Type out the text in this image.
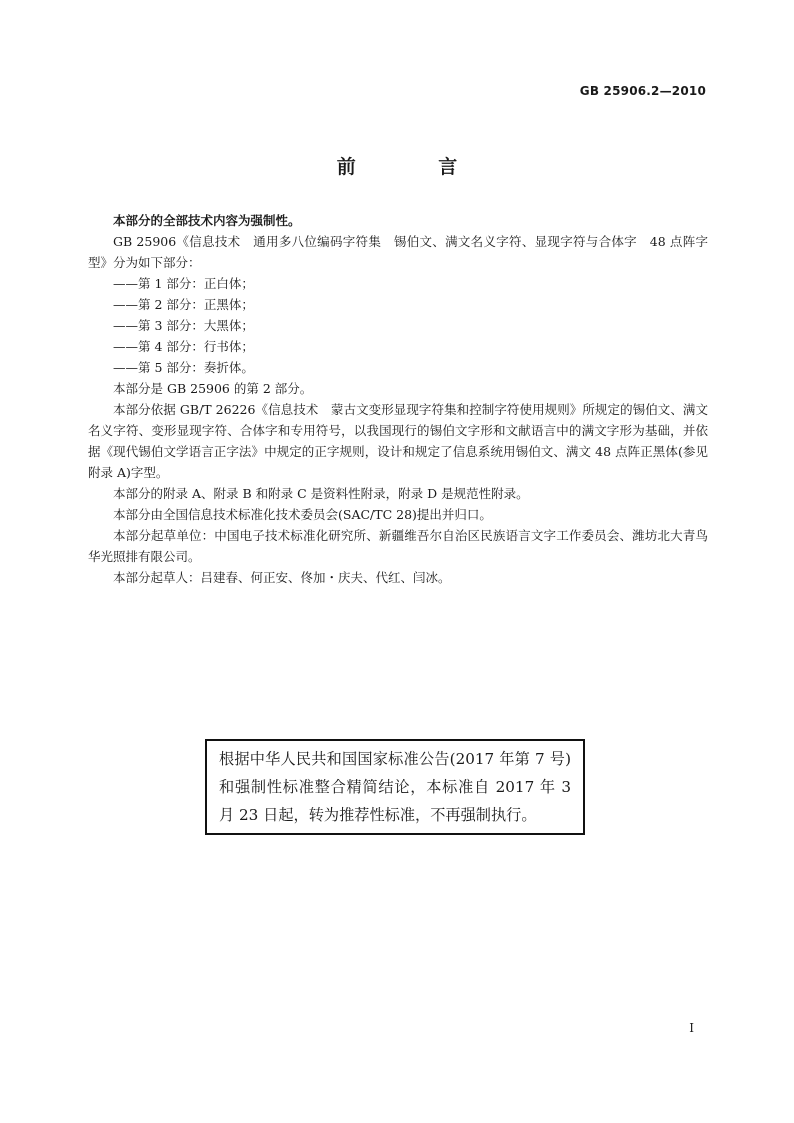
GB 25906.2—2010
前 言

本部分的全部技术内容为强制性。

GB 25906《信息技术　通用多八位编码字符集　锡伯文、满文名义字符、显现字符与合体字　48 点阵字型》分为如下部分：

——第 1 部分：正白体；

——第 2 部分：正黑体；

——第 3 部分：大黑体；

——第 4 部分：行书体；

——第 5 部分：奏折体。

本部分是 GB 25906 的第 2 部分。

本部分依据 GB/T 26226《信息技术　蒙古文变形显现字符集和控制字符使用规则》所规定的锡伯文、满文名义字符、变形显现字符、合体字和专用符号，以我国现行的锡伯文字形和文献语言中的满文字形为基础，并依据《现代锡伯文学语言正字法》中规定的正字规则，设计和规定了信息系统用锡伯文、满文 48 点阵正黑体(参见附录 A)字型。

本部分的附录 A、附录 B 和附录 C 是资料性附录，附录 D 是规范性附录。

本部分由全国信息技术标准化技术委员会(SAC/TC 28)提出并归口。

本部分起草单位：中国电子技术标准化研究所、新疆维吾尔自治区民族语言文字工作委员会、潍坊北大青鸟华光照排有限公司。

本部分起草人：吕建春、何正安、佟加・庆夫、代红、闫冰。

根据中华人民共和国国家标准公告(2017 年第 7 号)和强制性标准整合精简结论，本标准自 2017 年 3 月 23 日起，转为推荐性标准，不再强制执行。
I
